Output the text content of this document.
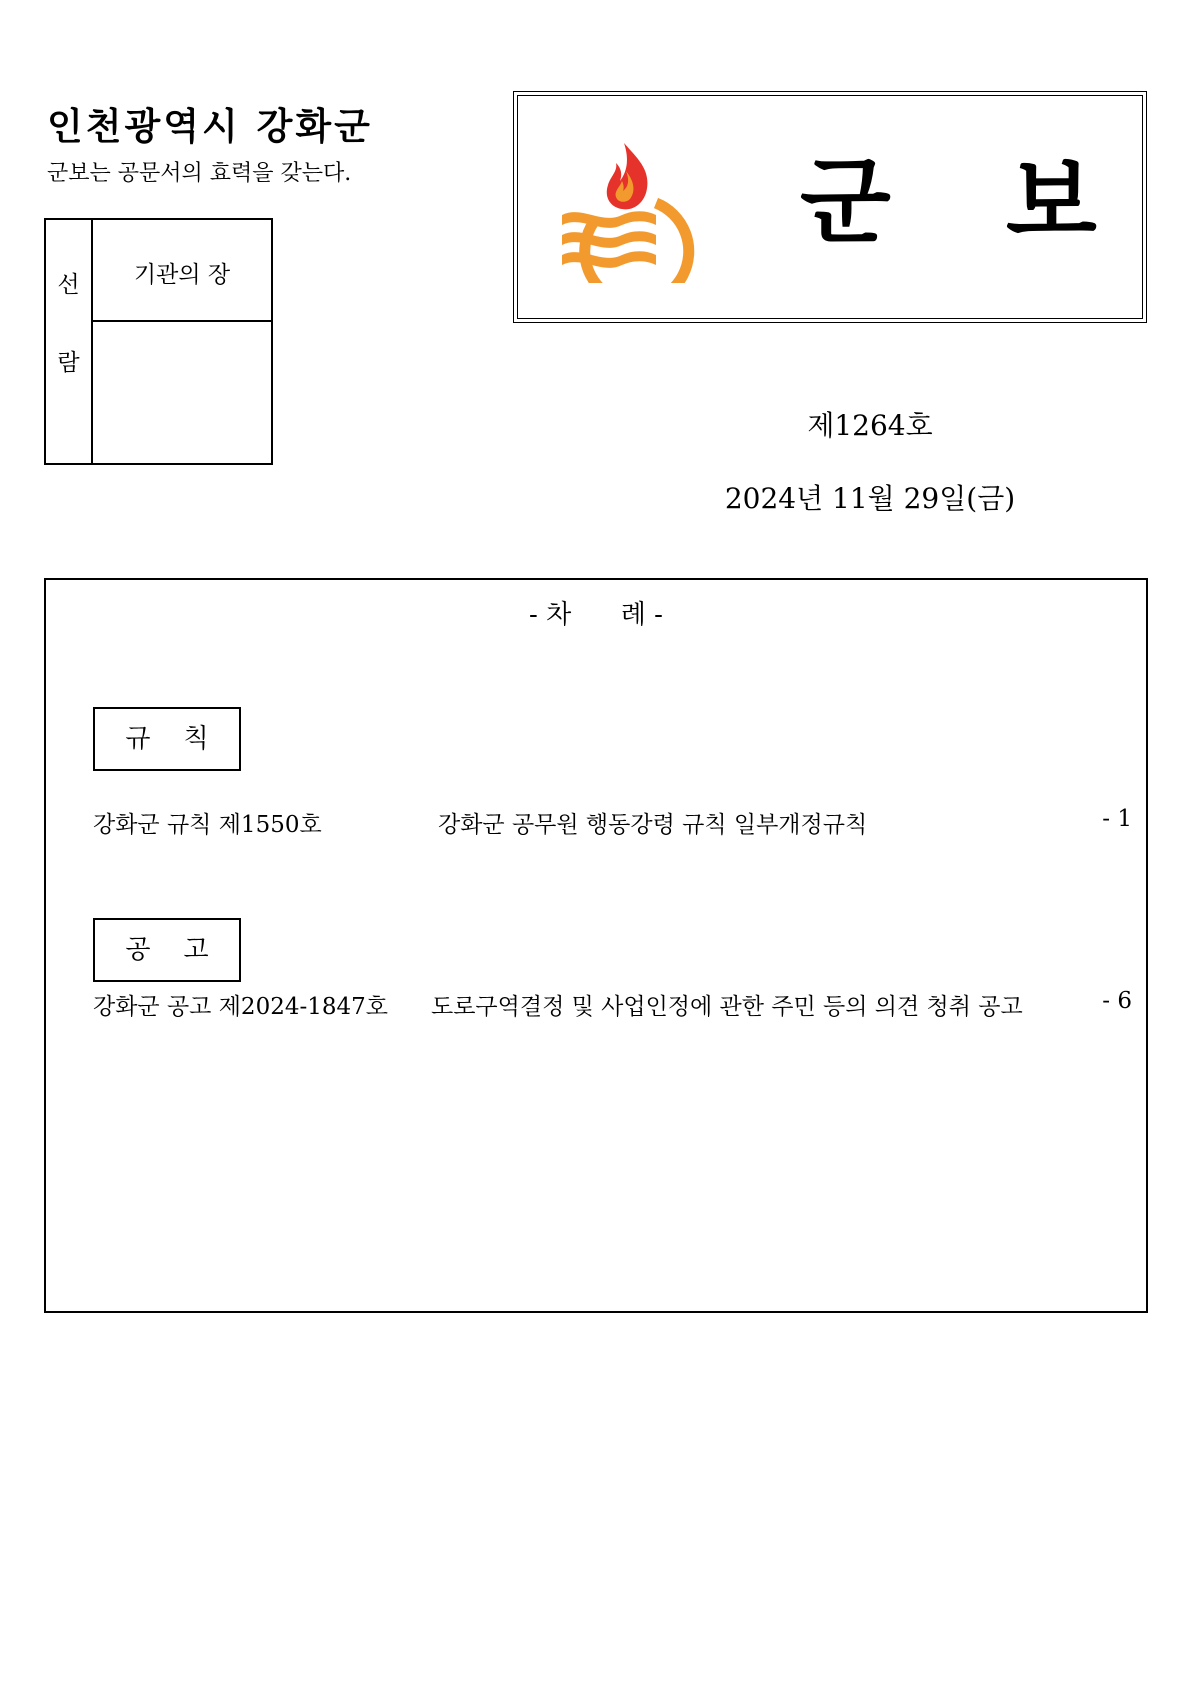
인천광역시 강화군
군보는 공문서의 효력을 갖는다.
선
람
기관의 장
군 보
제1264호
2024년 11월 29일(금)
- 차      례 -
규    칙
강화군 규칙 제1550호	강화군 공무원 행동강령 규칙 일부개정규칙	- 1
공    고
강화군 공고 제2024-1847호 도로구역결정 및 사업인정에 관한 주민 등의 의견 청취 공고	- 6
